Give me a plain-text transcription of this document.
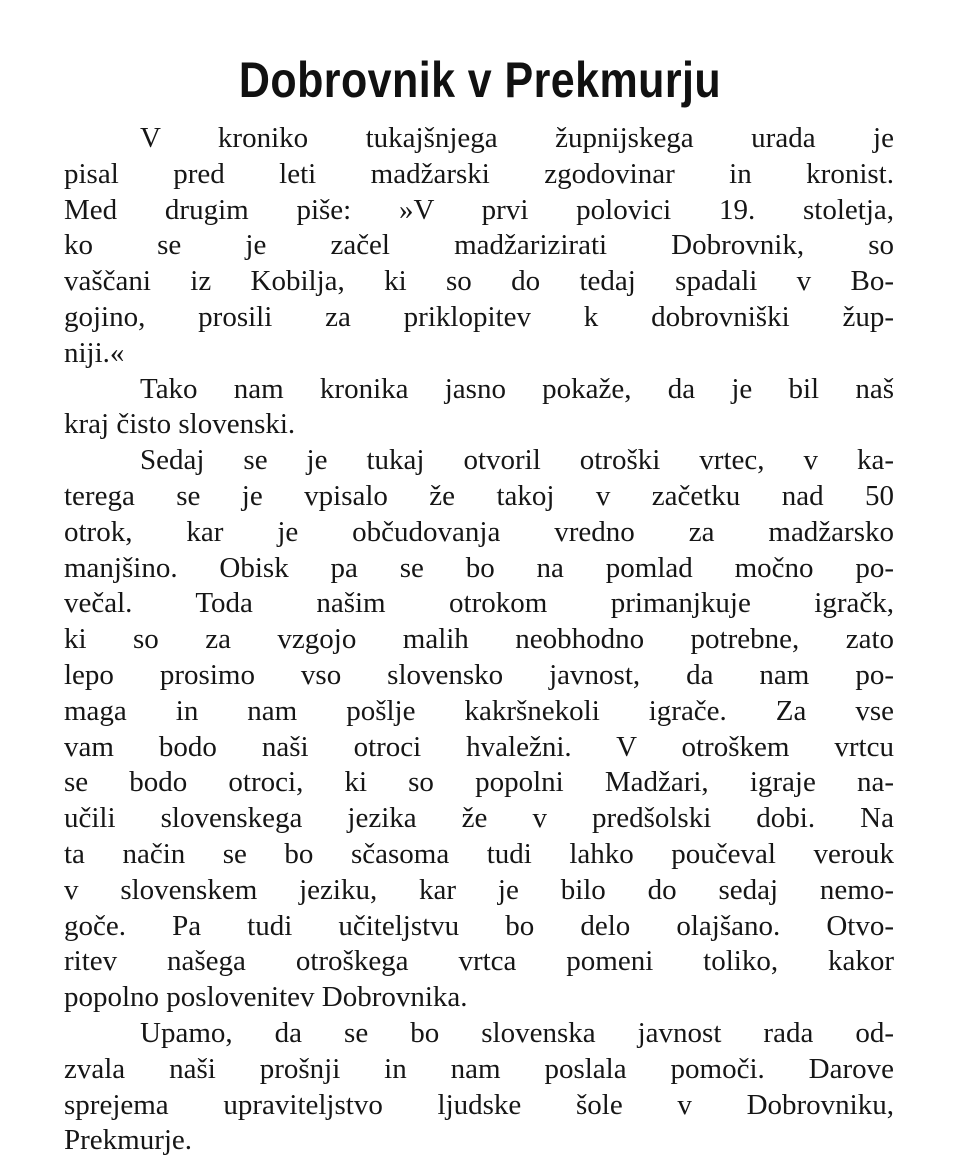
Dobrovnik v Prekmurju

V kroniko tukajšnjega župnijskega urada je
pisal pred leti madžarski zgodovinar in kronist.
Med drugim piše: »V prvi polovici 19. stoletja,
ko se je začel madžarizirati Dobrovnik, so
vaščani iz Kobilja, ki so do tedaj spadali v Bo-
gojino, prosili za priklopitev k dobrovniški žup-
niji.«

Tako nam kronika jasno pokaže, da je bil naš
kraj čisto slovenski.

Sedaj se je tukaj otvoril otroški vrtec, v ka-
terega se je vpisalo že takoj v začetku nad 50
otrok, kar je občudovanja vredno za madžarsko
manjšino. Obisk pa se bo na pomlad močno po-
večal. Toda našim otrokom primanjkuje igračk,
ki so za vzgojo malih neobhodno potrebne, zato
lepo prosimo vso slovensko javnost, da nam po-
maga in nam pošlje kakršnekoli igrače. Za vse
vam bodo naši otroci hvaležni. V otroškem vrtcu
se bodo otroci, ki so popolni Madžari, igraje na-
učili slovenskega jezika že v predšolski dobi. Na
ta način se bo sčasoma tudi lahko poučeval verouk
v slovenskem jeziku, kar je bilo do sedaj nemo-
goče. Pa tudi učiteljstvu bo delo olajšano. Otvo-
ritev našega otroškega vrtca pomeni toliko, kakor
popolno poslovenitev Dobrovnika.

Upamo, da se bo slovenska javnost rada od-
zvala naši prošnji in nam poslala pomoči. Darove
sprejema upraviteljstvo ljudske šole v Dobrovniku,
Prekmurje.
